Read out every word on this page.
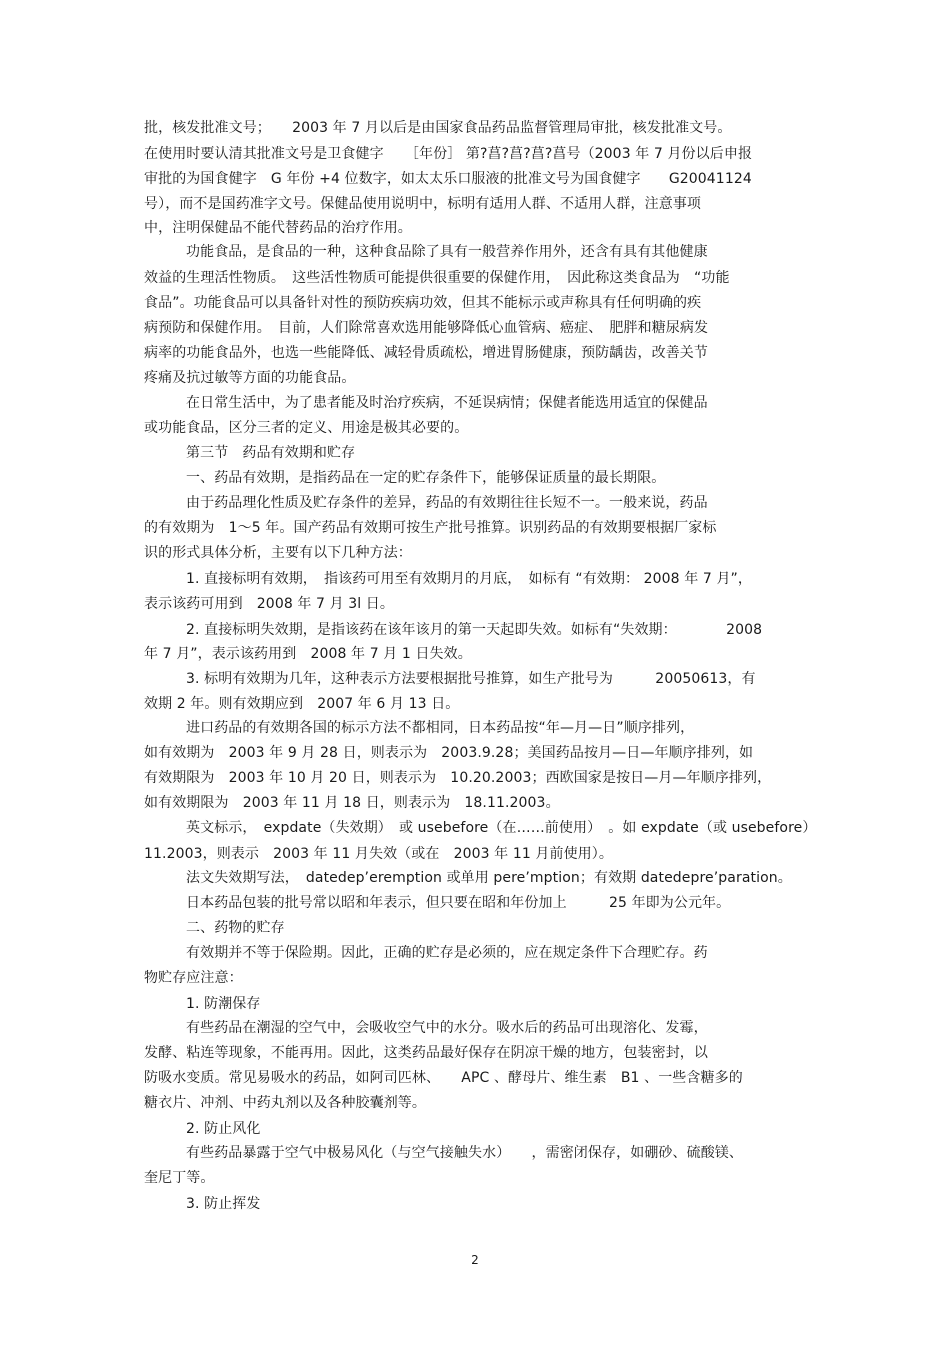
批，核发批准文号；　　2003 年 7 月以后是由国家食品药品监督管理局审批，核发批准文号。
在使用时要认清其批准文号是卫食健字　　［年份］ 第?菖?菖?菖?菖号（2003 年 7 月份以后申报
审批的为国食健字　G 年份 +4 位数字，如太太乐口服液的批准文号为国食健字　　G20041124
号），而不是国药准字文号。保健品使用说明中，标明有适用人群、不适用人群，注意事项
中，注明保健品不能代替药品的治疗作用。
功能食品，是食品的一种，这种食品除了具有一般营养作用外，还含有具有其他健康
效益的生理活性物质。　这些活性物质可能提供很重要的保健作用，　因此称这类食品为　“功能
食品”。功能食品可以具备针对性的预防疾病功效，但其不能标示或声称具有任何明确的疾
病预防和保健作用。　目前，人们除常喜欢选用能够降低心血管病、癌症、　肥胖和糖尿病发
病率的功能食品外，也选一些能降低、减轻骨质疏松，增进胃肠健康，预防龋齿，改善关节
疼痛及抗过敏等方面的功能食品。
在日常生活中，为了患者能及时治疗疾病，不延误病情；保健者能选用适宜的保健品
或功能食品，区分三者的定义、用途是极其必要的。
第三节　药品有效期和贮存
一、药品有效期，是指药品在一定的贮存条件下，能够保证质量的最长期限。
由于药品理化性质及贮存条件的差异，药品的有效期往往长短不一。一般来说，药品
的有效期为　1～5 年。国产药品有效期可按生产批号推算。识别药品的有效期要根据厂家标
识的形式具体分析，主要有以下几种方法：
1. 直接标明有效期，　指该药可用至有效期月的月底，　如标有 “有效期： 2008 年 7 月”，
表示该药可用到　2008 年 7 月 3l 日。
2. 直接标明失效期，是指该药在该年该月的第一天起即失效。如标有“失效期：　　　　2008
年 7 月”，表示该药用到　2008 年 7 月 1 日失效。
3. 标明有效期为几年，这种表示方法要根据批号推算，如生产批号为　　　20050613，有
效期 2 年。则有效期应到　2007 年 6 月 13 日。
进口药品的有效期各国的标示方法不都相同，日本药品按“年—月—日”顺序排列，
如有效期为　2003 年 9 月 28 日，则表示为　2003.9.28；美国药品按月—日—年顺序排列，如
有效期限为　2003 年 10 月 20 日，则表示为　10.20.2003；西欧国家是按日—月—年顺序排列，
如有效期限为　2003 年 11 月 18 日，则表示为　18.11.2003。
英文标示，　expdate（失效期）　或 usebefore（在……前使用）　。如 expdate（或 usebefore）
11.2003，则表示　2003 年 11 月失效（或在　2003 年 11 月前使用）。
法文失效期写法，　datedep’eremption 或单用 pere’mption；有效期 datedepre’paration。
日本药品包装的批号常以昭和年表示，但只要在昭和年份加上　　　25 年即为公元年。
二、药物的贮存
有效期并不等于保险期。因此，正确的贮存是必须的，应在规定条件下合理贮存。药
物贮存应注意：
1. 防潮保存
有些药品在潮湿的空气中，会吸收空气中的水分。吸水后的药品可出现溶化、发霉，
发酵、粘连等现象，不能再用。因此，这类药品最好保存在阴凉干燥的地方，包装密封，以
防吸水变质。常见易吸水的药品，如阿司匹林、　　APC 、酵母片、维生素　B1 、一些含糖多的
糖衣片、冲剂、中药丸剂以及各种胶囊剂等。
2. 防止风化
有些药品暴露于空气中极易风化（与空气接触失水）　　，需密闭保存，如硼砂、硫酸镁、
奎尼丁等。
3. 防止挥发
2
